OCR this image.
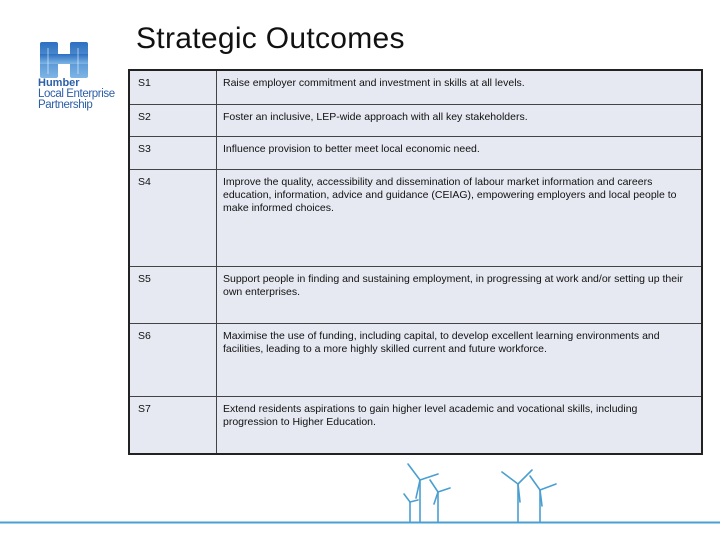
Strategic Outcomes
Humber
Local Enterprise
Partnership
S1	Raise employer commitment and investment in skills at all levels.
S2	Foster an inclusive, LEP-wide approach with all key stakeholders.
S3	Influence provision to better meet local economic need.
S4	Improve the quality, accessibility and dissemination of labour market information and careers education, information, advice and guidance (CEIAG), empowering employers and local people to make informed choices.
S5	Support people in finding and sustaining employment, in progressing at work and/or setting up their own enterprises.
S6	Maximise the use of funding, including capital, to develop excellent learning environments and facilities, leading to a more highly skilled current and future workforce.
S7	Extend residents aspirations to gain higher level academic and vocational skills, including progression to Higher Education.
